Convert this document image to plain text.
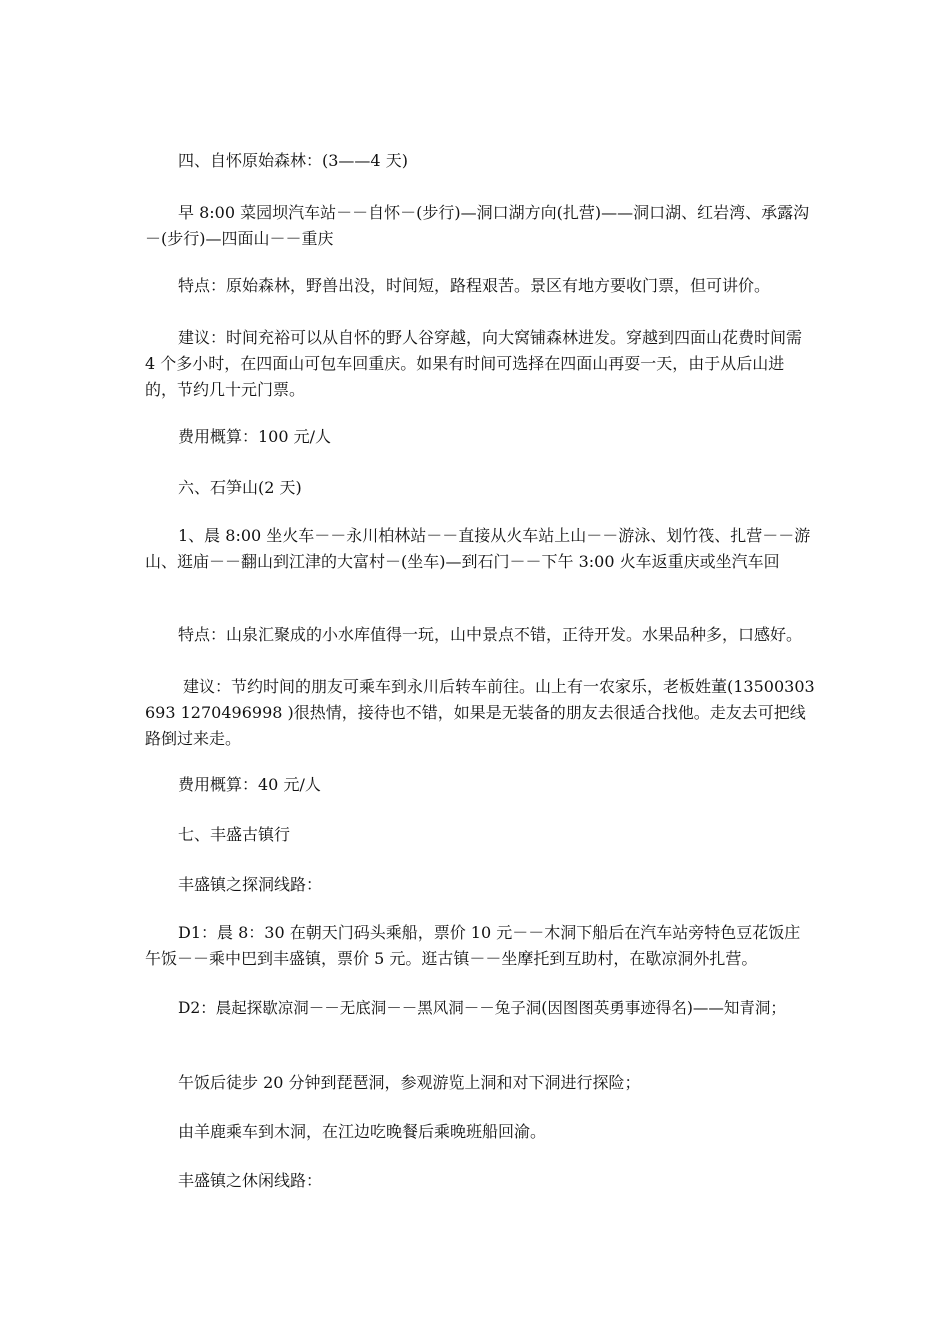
四、自怀原始森林：(3——4 天)

早 8:00 菜园坝汽车站－－自怀－(步行)—洞口湖方向(扎营)——洞口湖、红岩湾、承露沟－(步行)—四面山－－重庆

特点：原始森林，野兽出没，时间短，路程艰苦。景区有地方要收门票，但可讲价。

建议：时间充裕可以从自怀的野人谷穿越，向大窝铺森林进发。穿越到四面山花费时间需 4 个多小时，在四面山可包车回重庆。如果有时间可选择在四面山再耍一天，由于从后山进的，节约几十元门票。

费用概算：100 元/人

六、石笋山(2 天)

1、晨 8:00 坐火车－－永川柏林站－－直接从火车站上山－－游泳、划竹筏、扎营－－游山、逛庙－－翻山到江津的大富村－(坐车)—到石门－－下午 3:00 火车返重庆或坐汽车回

特点：山泉汇聚成的小水库值得一玩，山中景点不错，正待开发。水果品种多，口感好。

建议：节约时间的朋友可乘车到永川后转车前往。山上有一农家乐，老板姓董(13500303693 1270496998 )很热情，接待也不错，如果是无装备的朋友去很适合找他。走友去可把线路倒过来走。

费用概算：40 元/人

七、丰盛古镇行

丰盛镇之探洞线路：

D1：晨 8：30 在朝天门码头乘船，票价 10 元－－木洞下船后在汽车站旁特色豆花饭庄午饭－－乘中巴到丰盛镇，票价 5 元。逛古镇－－坐摩托到互助村，在歇凉洞外扎营。

D2：晨起探歇凉洞－－无底洞－－黑风洞－－兔子洞(因图图英勇事迹得名)——知青洞；

午饭后徒步 20 分钟到琵琶洞，参观游览上洞和对下洞进行探险；

由羊鹿乘车到木洞，在江边吃晚餐后乘晚班船回渝。

丰盛镇之休闲线路：
